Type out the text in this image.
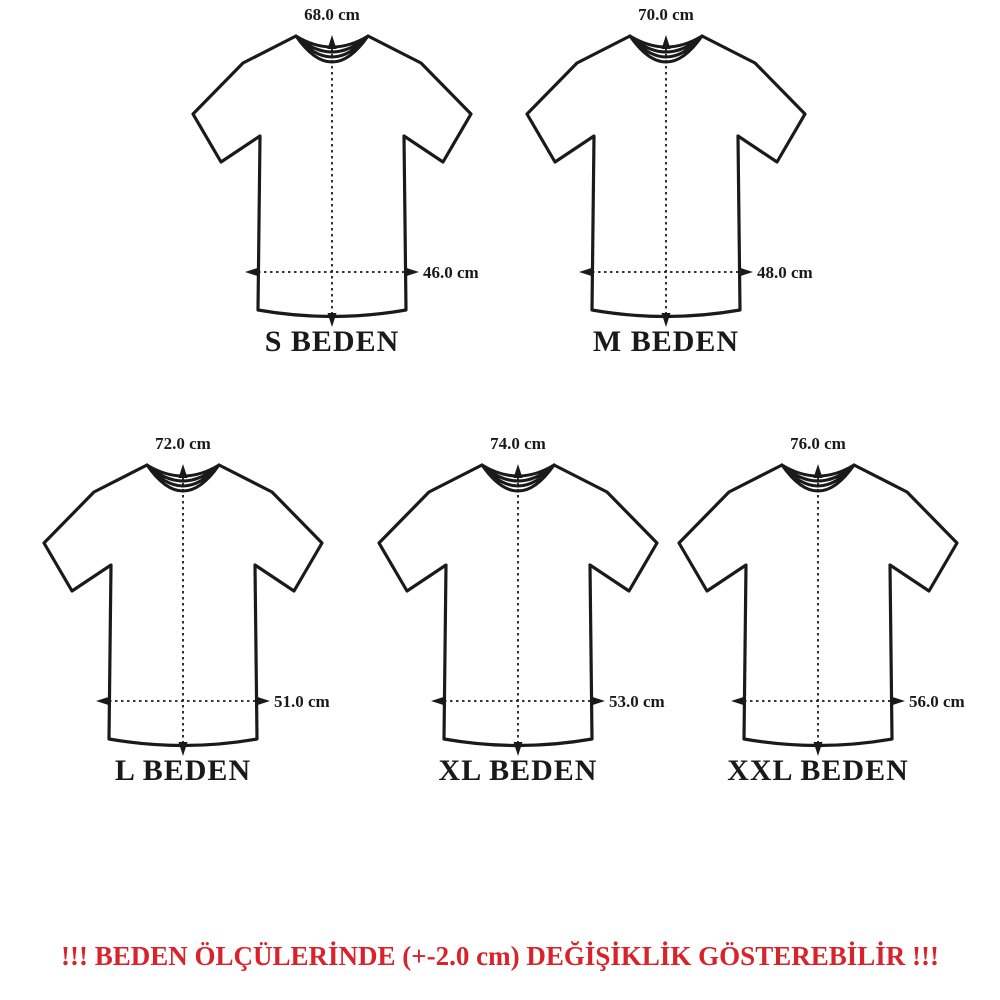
68.0 cm
46.0 cm
S BEDEN
70.0 cm
48.0 cm
M BEDEN
72.0 cm
51.0 cm
L BEDEN
74.0 cm
53.0 cm
XL BEDEN
76.0 cm
56.0 cm
XXL BEDEN
!!! BEDEN ÖLÇÜLERİNDE (+-2.0 cm) DEĞİŞİKLİK GÖSTEREBİLİR !!!
